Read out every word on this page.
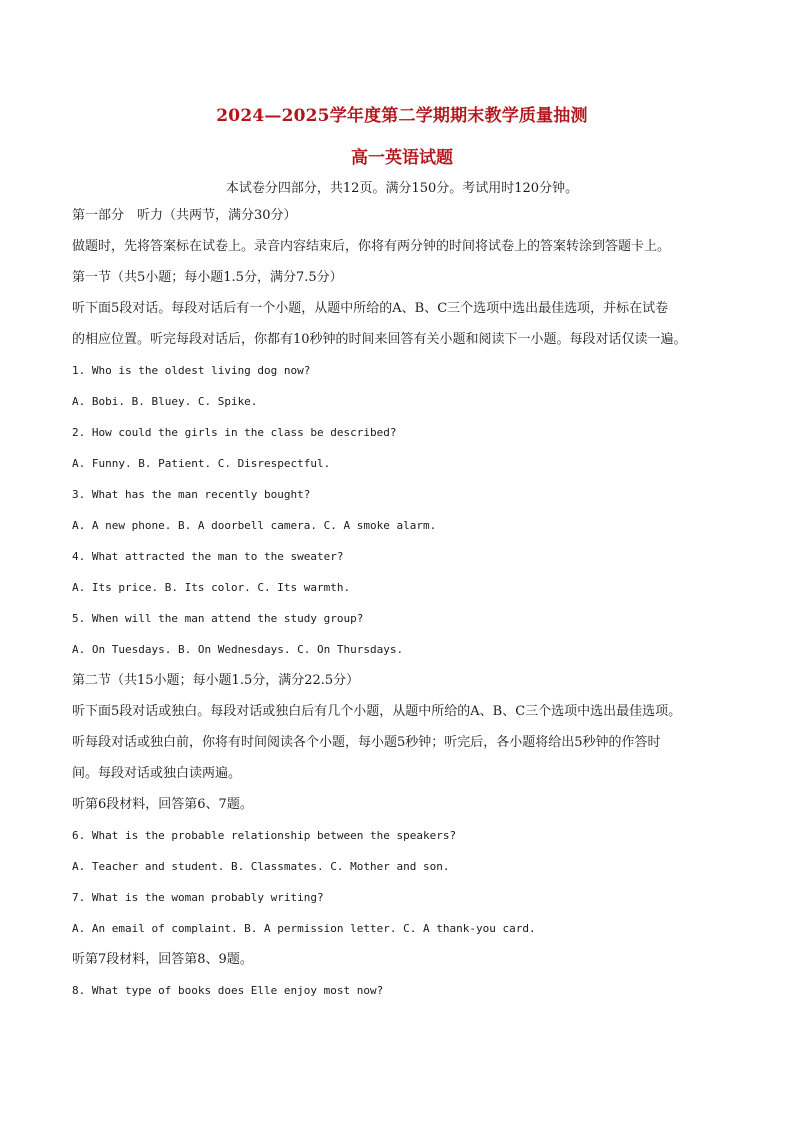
2024—2025学年度第二学期期末教学质量抽测
高一英语试题

本试卷分四部分，共12页。满分150分。考试用时120分钟。

第一部分　听力（共两节，满分30分）

做题时，先将答案标在试卷上。录音内容结束后，你将有两分钟的时间将试卷上的答案转涂到答题卡上。

第一节（共5小题；每小题1.5分，满分7.5分）

听下面5段对话。每段对话后有一个小题，从题中所给的A、B、C三个选项中选出最佳选项，并标在试卷

的相应位置。听完每段对话后，你都有10秒钟的时间来回答有关小题和阅读下一小题。每段对话仅读一遍。

1. Who is the oldest living dog now?

A. Bobi. B. Bluey. C. Spike.

2. How could the girls in the class be described?

A. Funny. B. Patient. C. Disrespectful.

3. What has the man recently bought?

A. A new phone. B. A doorbell camera. C. A smoke alarm.

4. What attracted the man to the sweater?

A. Its price. B. Its color. C. Its warmth.

5. When will the man attend the study group?

A. On Tuesdays. B. On Wednesdays. C. On Thursdays.

第二节（共15小题；每小题1.5分，满分22.5分）

听下面5段对话或独白。每段对话或独白后有几个小题，从题中所给的A、B、C三个选项中选出最佳选项。

听每段对话或独白前，你将有时间阅读各个小题，每小题5秒钟；听完后，各小题将给出5秒钟的作答时

间。每段对话或独白读两遍。

听第6段材料，回答第6、7题。

6. What is the probable relationship between the speakers?

A. Teacher and student. B. Classmates. C. Mother and son.

7. What is the woman probably writing?

A. An email of complaint. B. A permission letter. C. A thank-you card.

听第7段材料，回答第8、9题。

8. What type of books does Elle enjoy most now?
